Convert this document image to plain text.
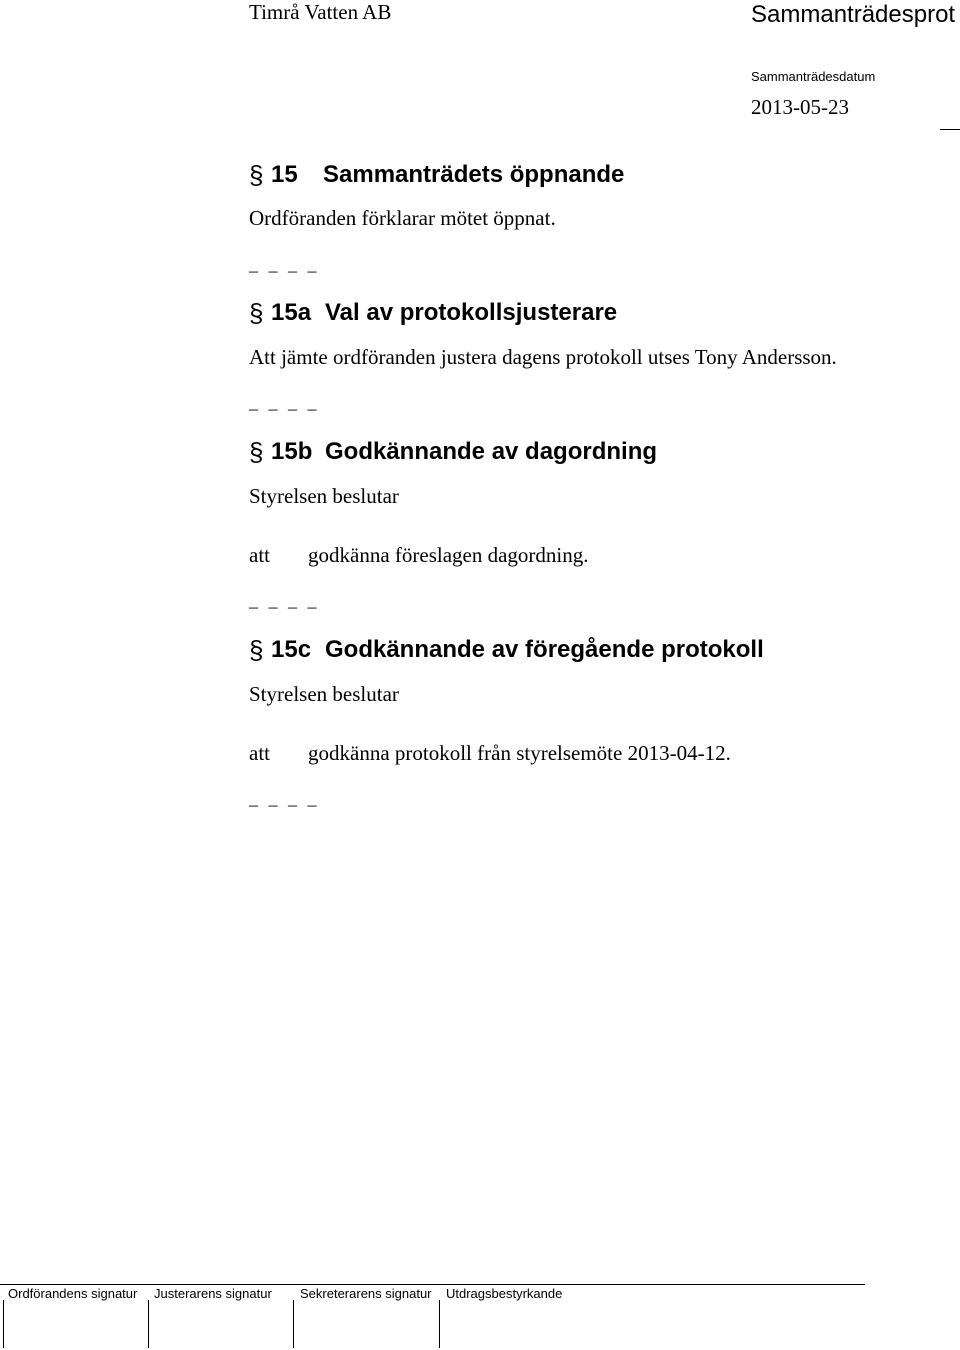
Timrå Vatten AB	Sammanträdesprot
Sammanträdesdatum
2013-05-23
§ 15	Sammanträdets öppnande
Ordföranden förklarar mötet öppnat.
_ _ _ _
§ 15a Val av protokollsjusterare
Att jämte ordföranden justera dagens protokoll utses Tony Andersson.
_ _ _ _
§ 15b Godkännande av dagordning
Styrelsen beslutar
att godkänna föreslagen dagordning.
_ _ _ _
§ 15c Godkännande av föregående protokoll
Styrelsen beslutar
att godkänna protokoll från styrelsemöte 2013-04-12.
_ _ _ _
Ordförandens signatur Justerarens signatur Sekreterarens signatur Utdragsbestyrkande
